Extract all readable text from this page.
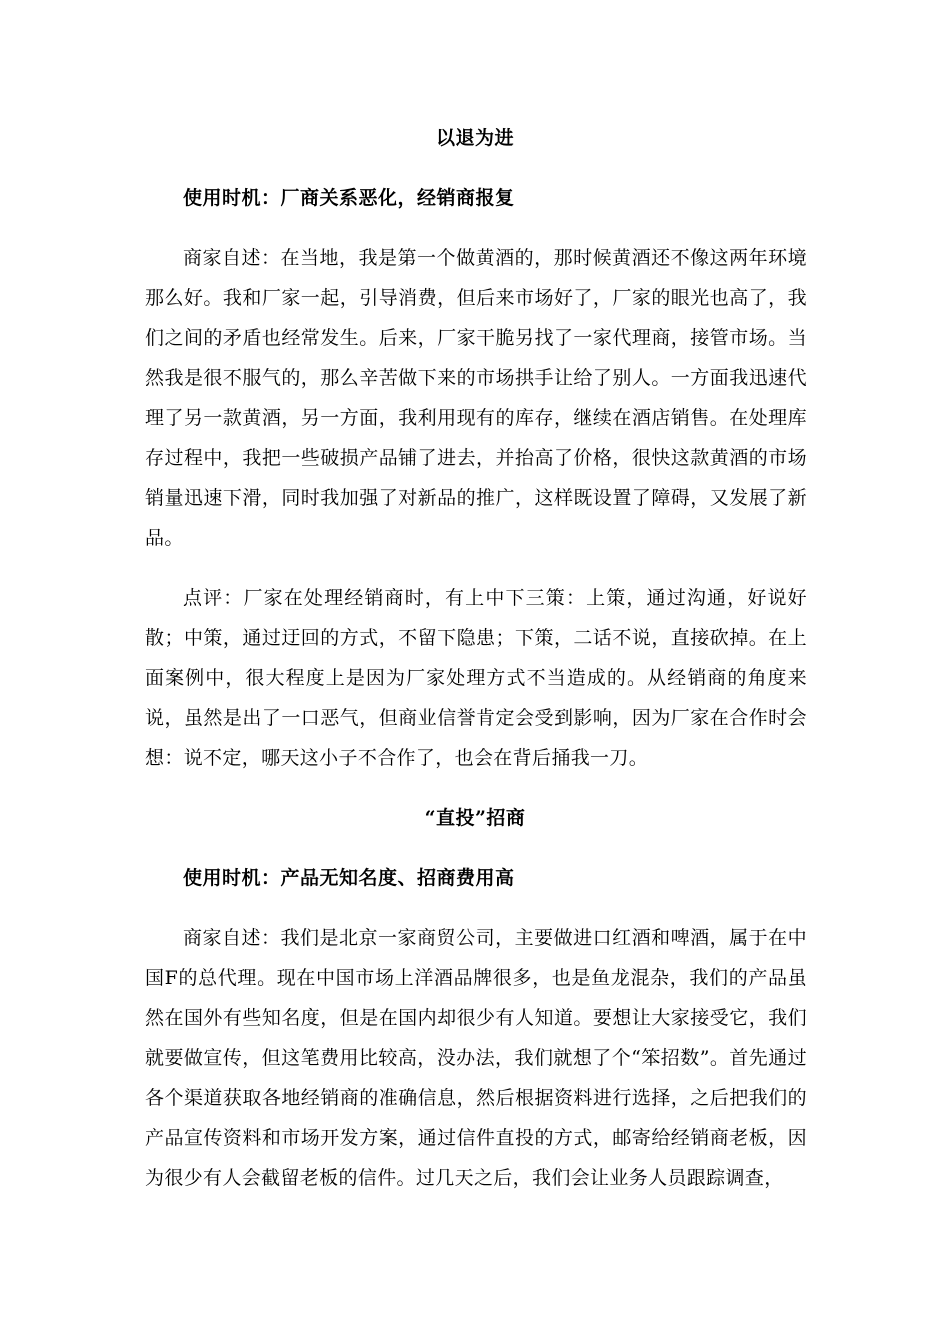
以退为进
使用时机：厂商关系恶化，经销商报复

商家自述：在当地，我是第一个做黄酒的，那时候黄酒还不像这两年环境那么好。我和厂家一起，引导消费，但后来市场好了，厂家的眼光也高了，我们之间的矛盾也经常发生。后来，厂家干脆另找了一家代理商，接管市场。当然我是很不服气的，那么辛苦做下来的市场拱手让给了别人。一方面我迅速代理了另一款黄酒，另一方面，我利用现有的库存，继续在酒店销售。在处理库存过程中，我把一些破损产品铺了进去，并抬高了价格，很快这款黄酒的市场销量迅速下滑，同时我加强了对新品的推广，这样既设置了障碍，又发展了新品。

点评：厂家在处理经销商时，有上中下三策：上策，通过沟通，好说好散；中策，通过迂回的方式，不留下隐患；下策，二话不说，直接砍掉。在上面案例中，很大程度上是因为厂家处理方式不当造成的。从经销商的角度来说，虽然是出了一口恶气，但商业信誉肯定会受到影响，因为厂家在合作时会想：说不定，哪天这小子不合作了，也会在背后捅我一刀。

“直投”招商
使用时机：产品无知名度、招商费用高

商家自述：我们是北京一家商贸公司，主要做进口红酒和啤酒，属于在中国F的总代理。现在中国市场上洋酒品牌很多，也是鱼龙混杂，我们的产品虽然在国外有些知名度，但是在国内却很少有人知道。要想让大家接受它，我们就要做宣传，但这笔费用比较高，没办法，我们就想了个“笨招数”。首先通过各个渠道获取各地经销商的准确信息，然后根据资料进行选择，之后把我们的产品宣传资料和市场开发方案，通过信件直投的方式，邮寄给经销商老板，因为很少有人会截留老板的信件。过几天之后，我们会让业务人员跟踪调查，
